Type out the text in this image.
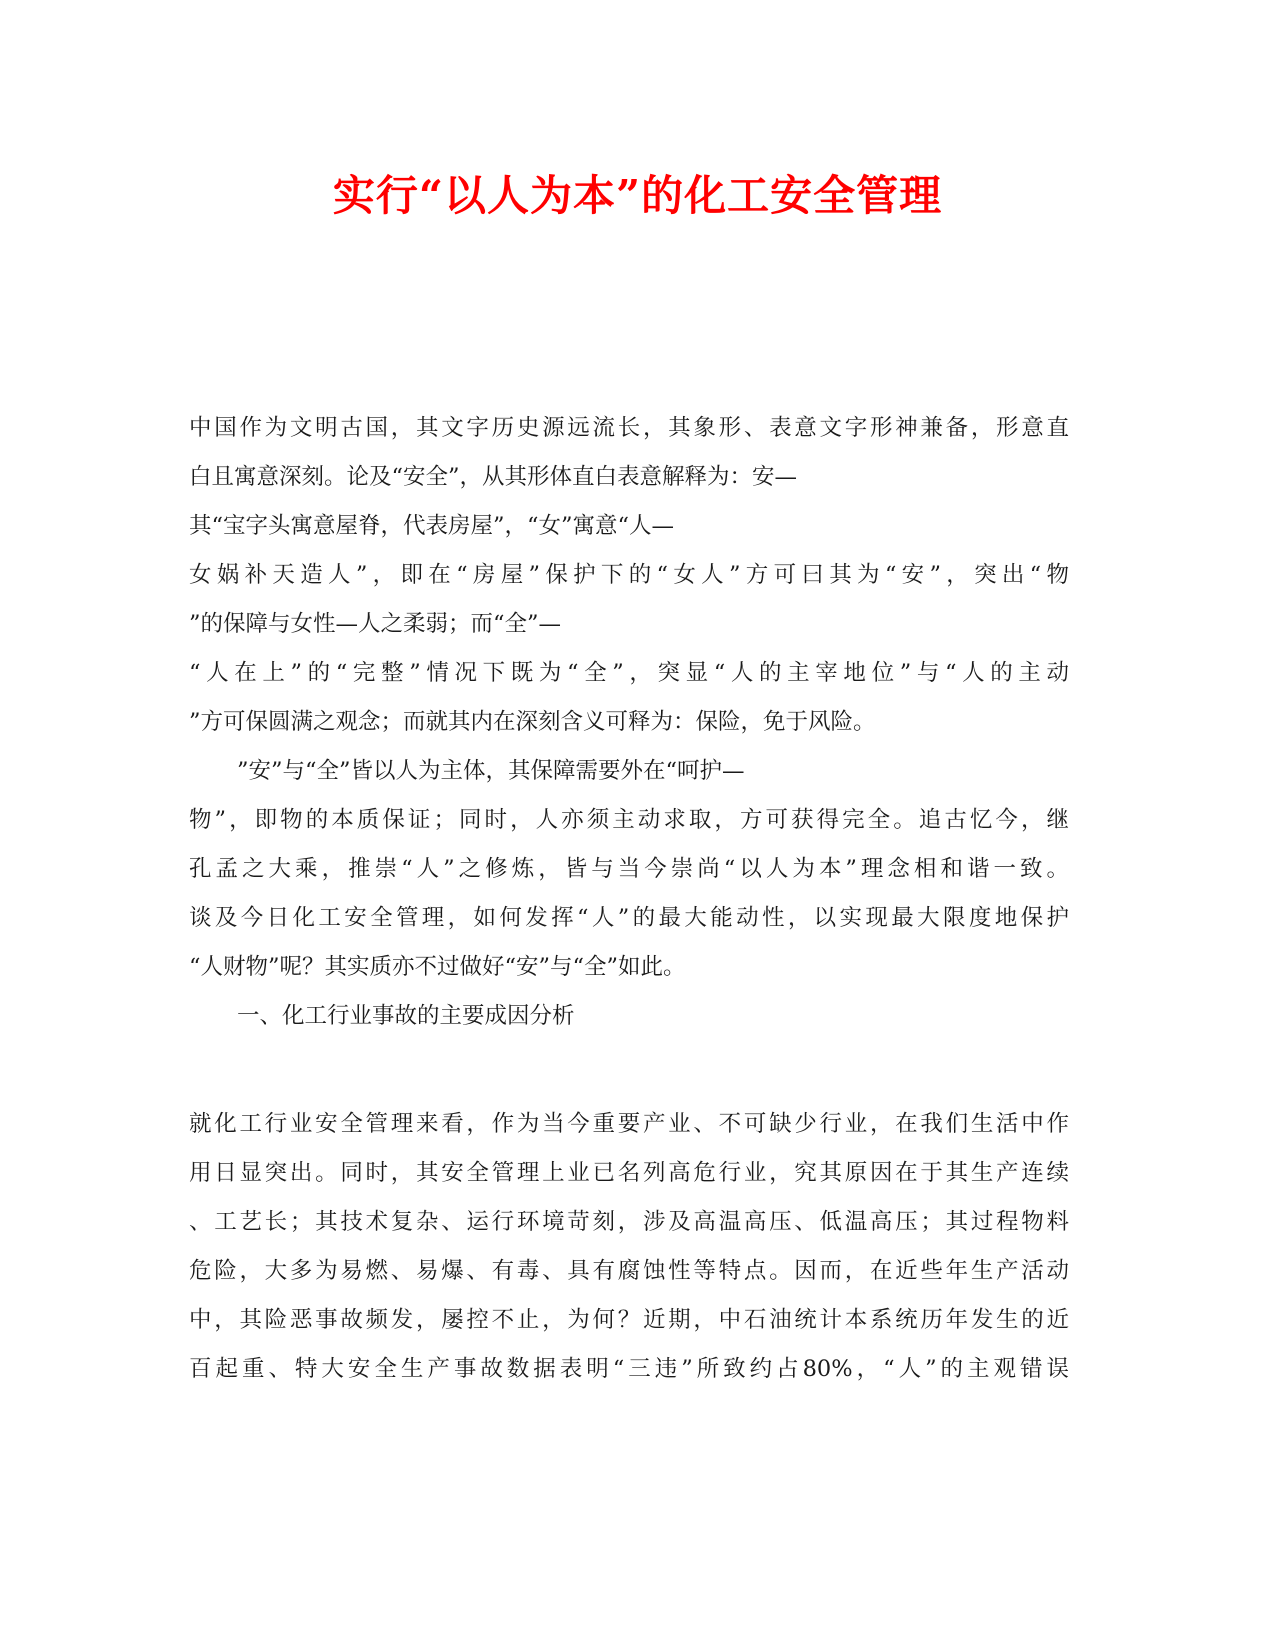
实行“以人为本”的化工安全管理
中国作为文明古国，其文字历史源远流长，其象形、表意文字形神兼备，形意直
白且寓意深刻。论及“安全”，从其形体直白表意解释为：安—
其“宝字头寓意屋脊，代表房屋”，“女”寓意“人—
女娲补天造人”，即在“房屋”保护下的“女人”方可曰其为“安”，突出“物
”的保障与女性—人之柔弱；而“全”—
“人在上”的“完整”情况下既为“全”，突显“人的主宰地位”与“人的主动
”方可保圆满之观念；而就其内在深刻含义可释为：保险，免于风险。
”安”与“全”皆以人为主体，其保障需要外在“呵护—
物”，即物的本质保证；同时，人亦须主动求取，方可获得完全。追古忆今，继
孔孟之大乘，推崇“人”之修炼，皆与当今崇尚“以人为本”理念相和谐一致。
谈及今日化工安全管理，如何发挥“人”的最大能动性，以实现最大限度地保护
“人财物”呢？其实质亦不过做好“安”与“全”如此。
一、化工行业事故的主要成因分析
就化工行业安全管理来看，作为当今重要产业、不可缺少行业，在我们生活中作
用日显突出。同时，其安全管理上业已名列高危行业，究其原因在于其生产连续
、工艺长；其技术复杂、运行环境苛刻，涉及高温高压、低温高压；其过程物料
危险，大多为易燃、易爆、有毒、具有腐蚀性等特点。因而，在近些年生产活动
中，其险恶事故频发，屡控不止，为何？近期，中石油统计本系统历年发生的近
百起重、特大安全生产事故数据表明“三违”所致约占80%，“人”的主观错误
